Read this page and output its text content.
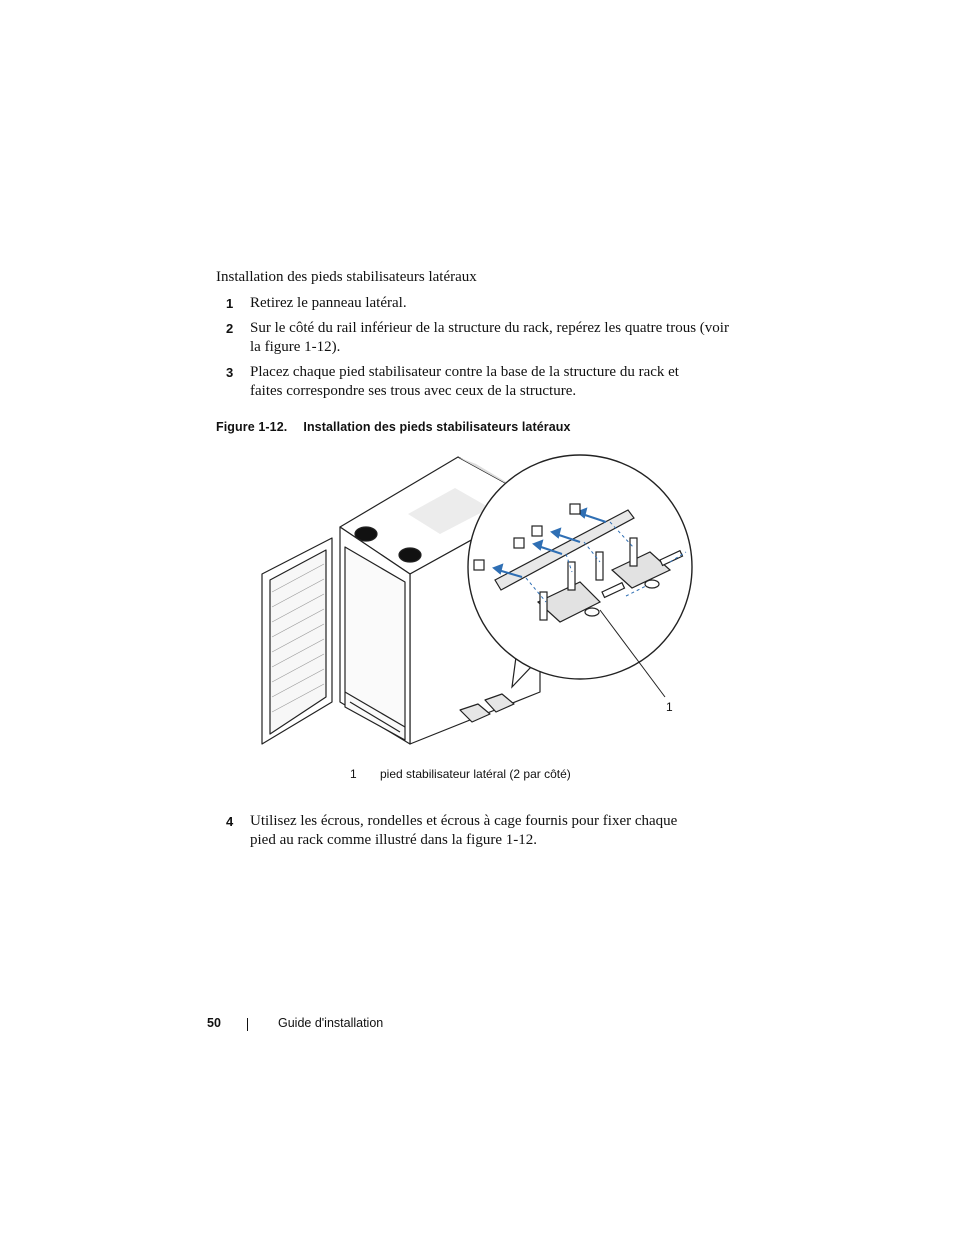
Installation des pieds stabilisateurs latéraux
1	Retirez le panneau latéral.
2	Sur le côté du rail inférieur de la structure du rack, repérez les quatre trous (voir la figure 1-12).
3	Placez chaque pied stabilisateur contre la base de la structure du rack et faites correspondre ses trous avec ceux de la structure.
Figure 1-12. Installation des pieds stabilisateurs latéraux
1
1 pied stabilisateur latéral (2 par côté)
4	Utilisez les écrous, rondelles et écrous à cage fournis pour fixer chaque pied au rack comme illustré dans la figure 1-12.
50	Guide d'installation
